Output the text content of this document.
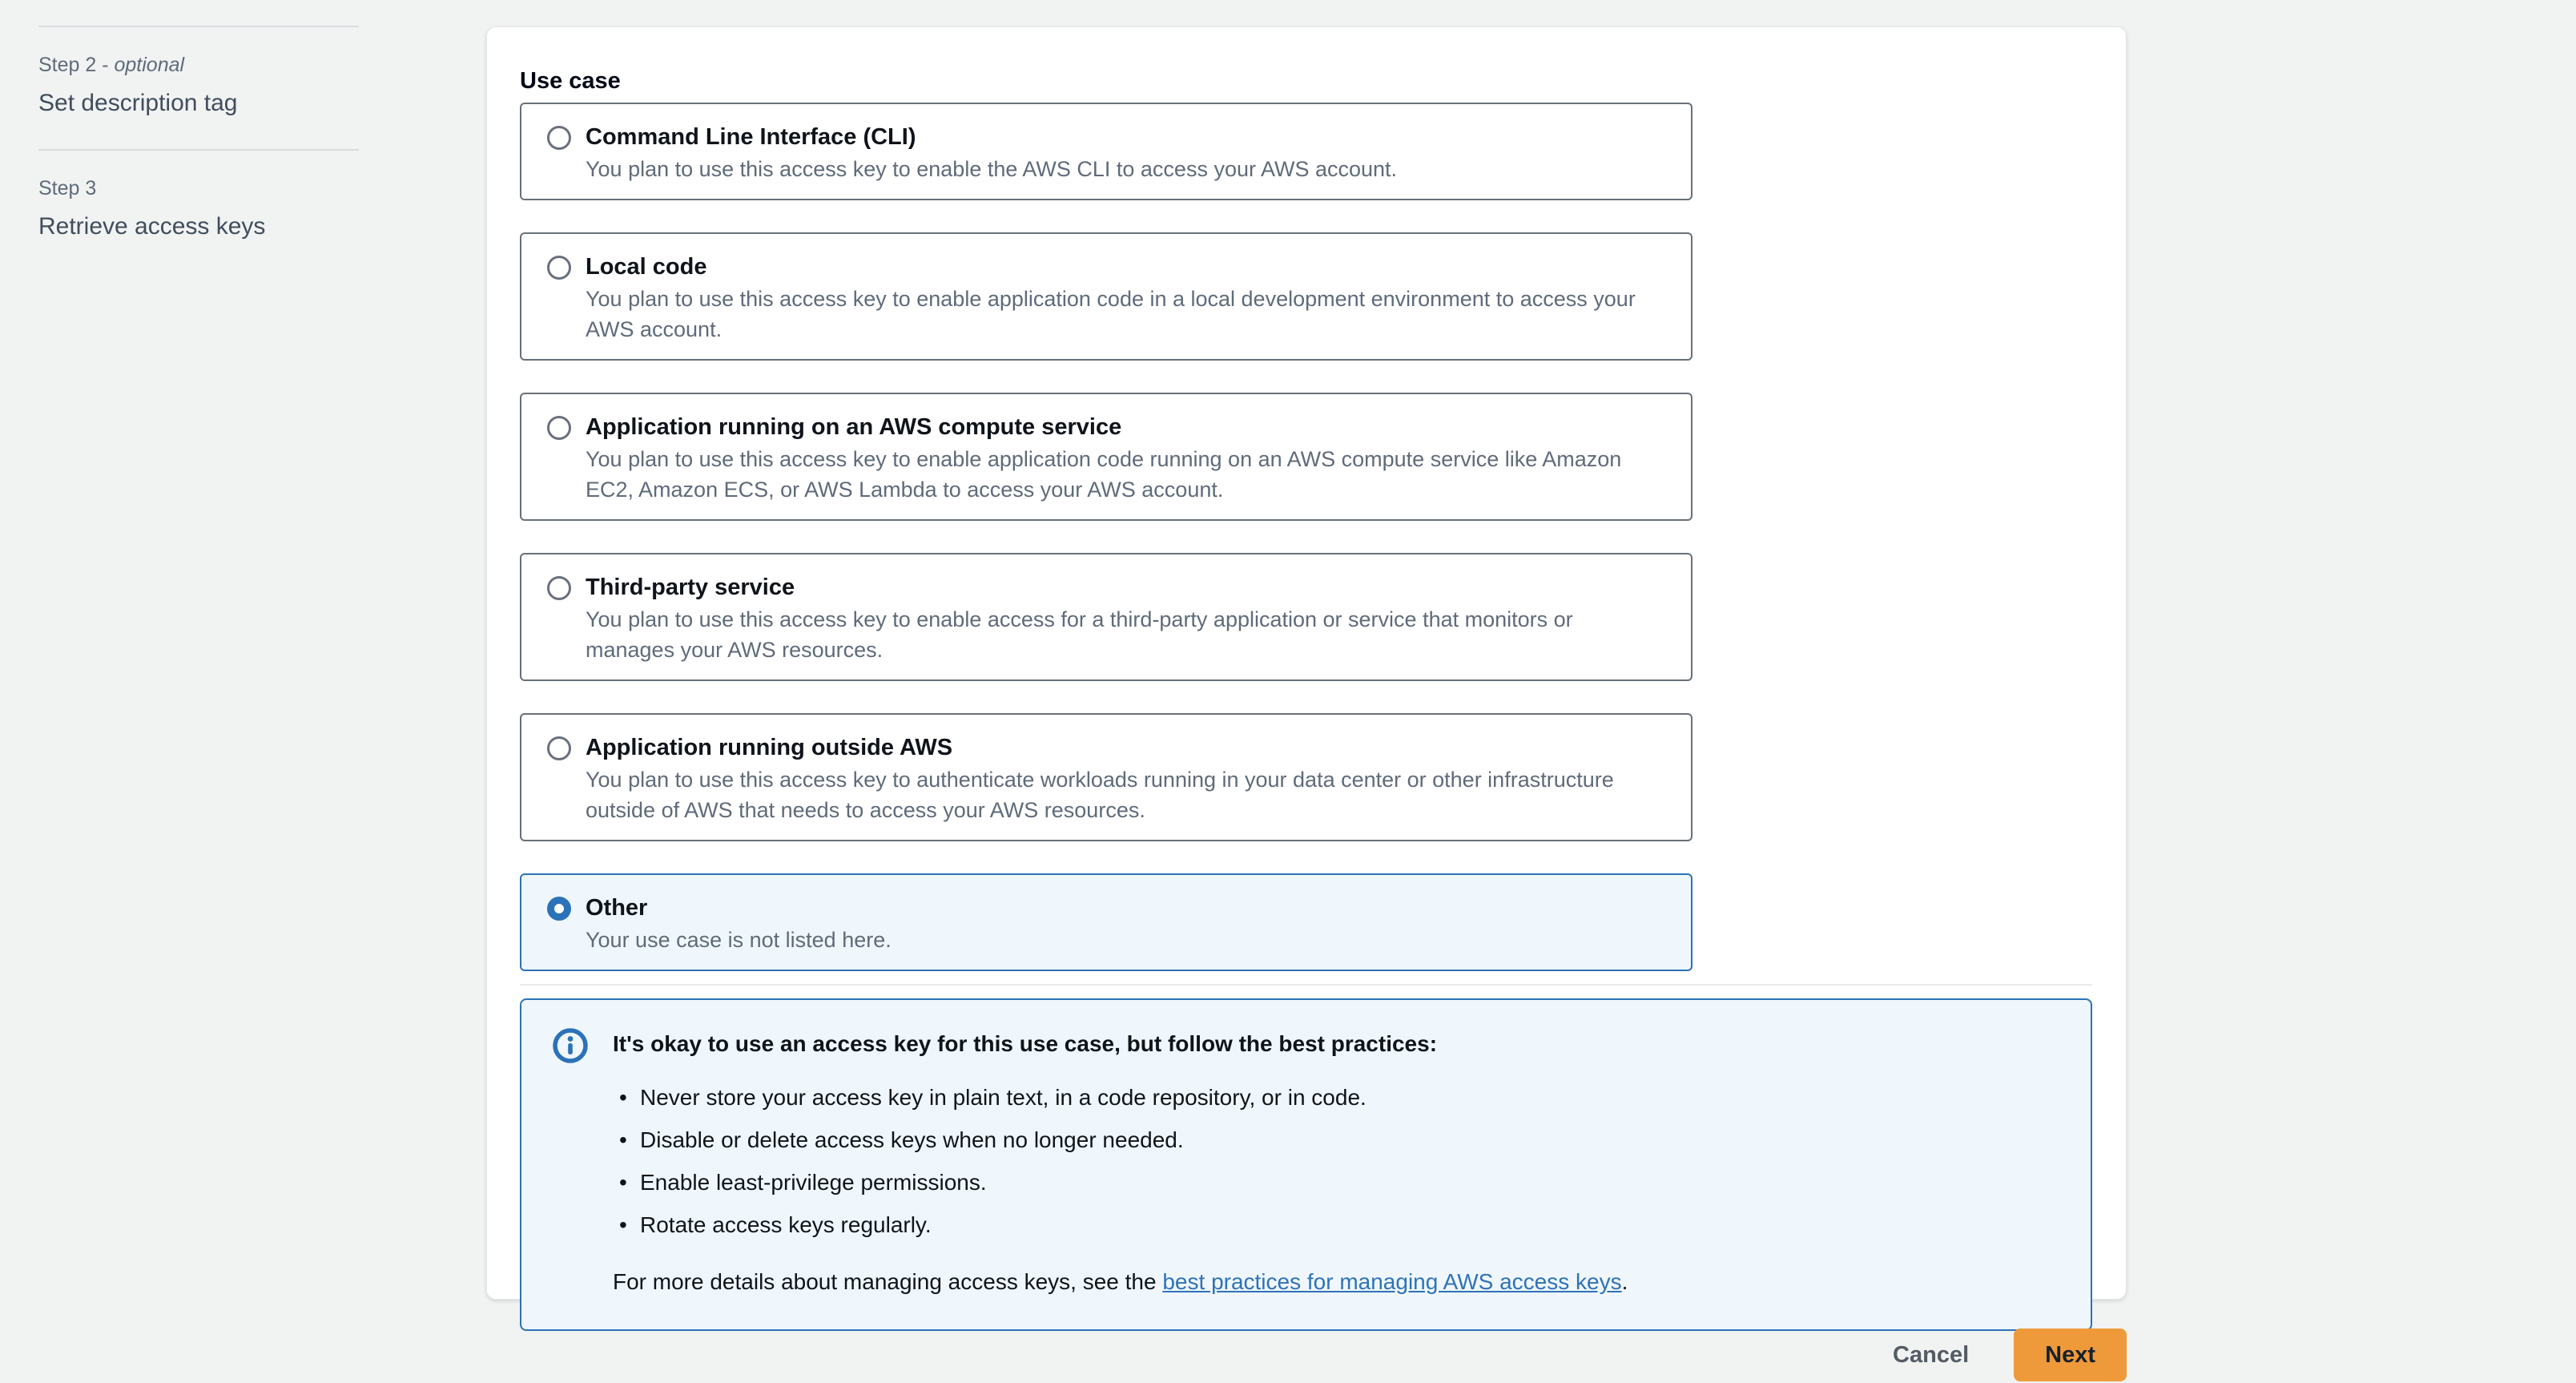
Step 2 - optional
Set description tag
Step 3
Retrieve access keys
Use case
Command Line Interface (CLI)
You plan to use this access key to enable the AWS CLI to access your AWS account.
Local code
You plan to use this access key to enable application code in a local development environment to access your AWS account.
Application running on an AWS compute service
You plan to use this access key to enable application code running on an AWS compute service like Amazon EC2, Amazon ECS, or AWS Lambda to access your AWS account.
Third-party service
You plan to use this access key to enable access for a third-party application or service that monitors or manages your AWS resources.
Application running outside AWS
You plan to use this access key to authenticate workloads running in your data center or other infrastructure outside of AWS that needs to access your AWS resources.
Other
Your use case is not listed here.
It's okay to use an access key for this use case, but follow the best practices:
• Never store your access key in plain text, in a code repository, or in code.
• Disable or delete access keys when no longer needed.
• Enable least-privilege permissions.
• Rotate access keys regularly.
For more details about managing access keys, see the best practices for managing AWS access keys.
Cancel	Next
